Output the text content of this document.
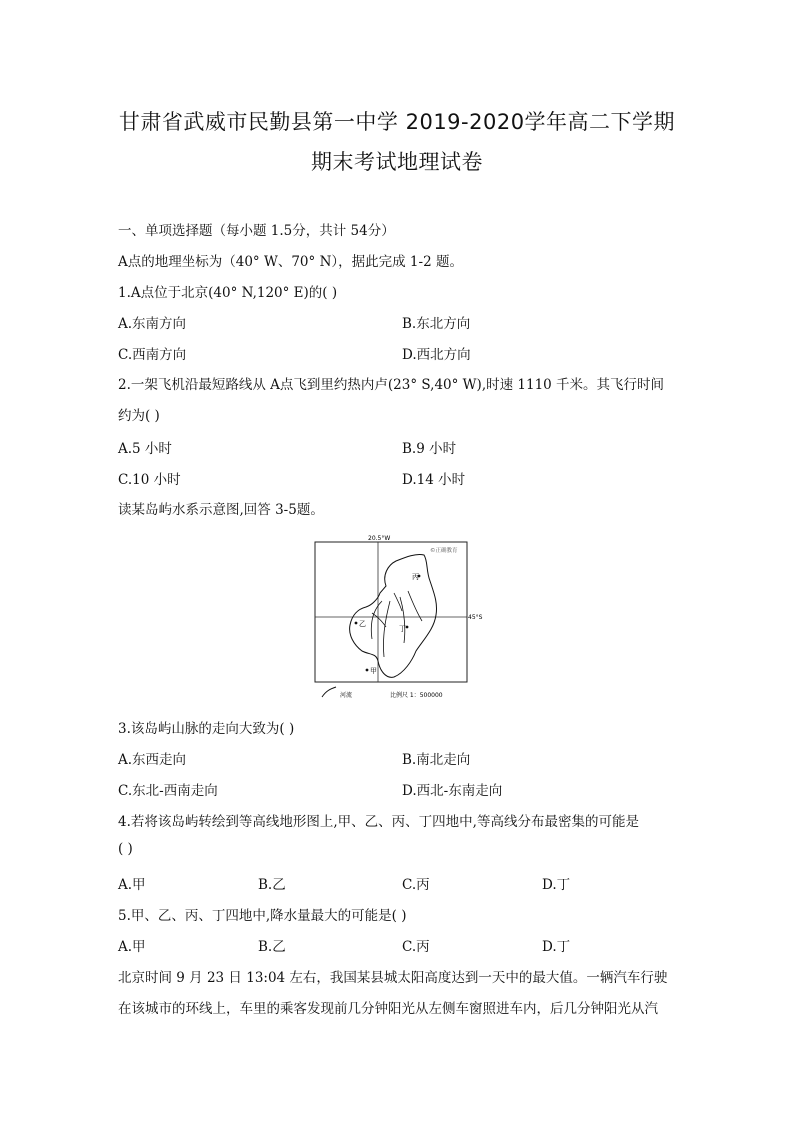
甘肃省武威市民勤县第一中学 2019-2020学年高二下学期
期末考试地理试卷
一、单项选择题（每小题 1.5分，共计 54分）
A点的地理坐标为（40° W、70° N），据此完成 1-2 题。
1.A点位于北京(40° N,120° E)的( )
A.东南方向	B.东北方向
C.西南方向	D.西北方向
2.一架飞机沿最短路线从 A点飞到里约热内卢(23° S,40° W),时速 1110 千米。其飞行时间
约为( )
A.5 小时	B.9 小时
C.10 小时	D.14 小时
读某岛屿水系示意图,回答 3-5题。
20.5°W
45°S
©正确教育
丙
丁
乙
甲
河流	比例尺 1：500000
3.该岛屿山脉的走向大致为( )
A.东西走向	B.南北走向
C.东北-西南走向	D.西北-东南走向
4.若将该岛屿转绘到等高线地形图上,甲、乙、丙、丁四地中,等高线分布最密集的可能是
( )
A.甲	B.乙	C.丙	D.丁
5.甲、乙、丙、丁四地中,降水量最大的可能是( )
A.甲	B.乙	C.丙	D.丁
北京时间 9 月 23 日 13:04 左右，我国某县城太阳高度达到一天中的最大值。一辆汽车行驶
在该城市的环线上，车里的乘客发现前几分钟阳光从左侧车窗照进车内，后几分钟阳光从汽
